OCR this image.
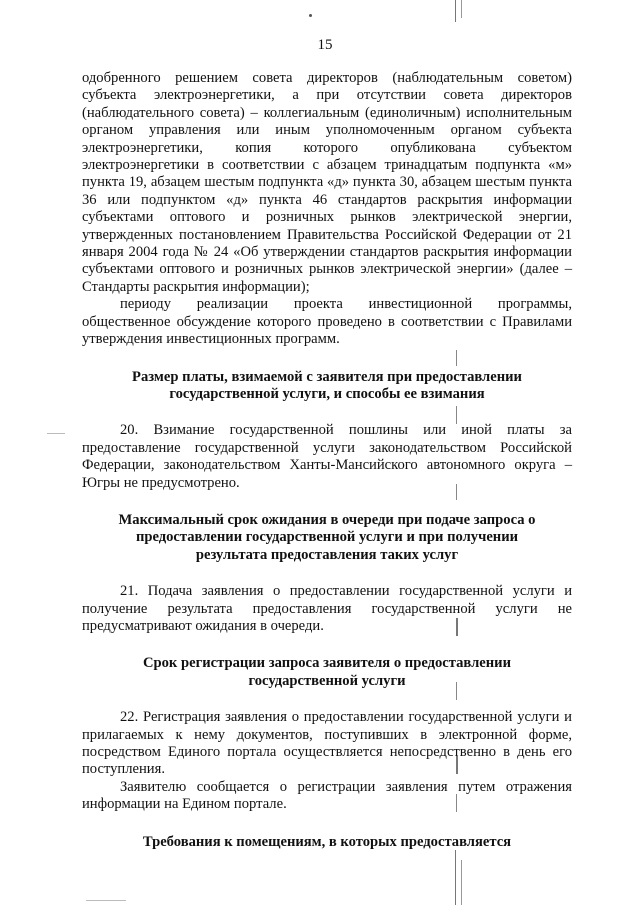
15

одобренного решением совета директоров (наблюдательным советом) субъекта электроэнергетики, а при отсутствии совета директоров (наблюдательного совета) – коллегиальным (единоличным) исполнительным органом управления или иным уполномоченным органом субъекта электроэнергетики, копия которого опубликована субъектом электроэнергетики в соответствии с абзацем тринадцатым подпункта «м» пункта 19, абзацем шестым подпункта «д» пункта 30, абзацем шестым пункта 36 или подпунктом «д» пункта 46 стандартов раскрытия информации субъектами оптового и розничных рынков электрической энергии, утвержденных постановлением Правительства Российской Федерации от 21 января 2004 года № 24 «Об утверждении стандартов раскрытия информации субъектами оптового и розничных рынков электрической энергии» (далее – Стандарты раскрытия информации);

периоду реализации проекта инвестиционной программы, общественное обсуждение которого проведено в соответствии с Правилами утверждения инвестиционных программ.

Размер платы, взимаемой с заявителя при предоставлении
государственной услуги, и способы ее взимания

20. Взимание государственной пошлины или иной платы за предоставление государственной услуги законодательством Российской Федерации, законодательством Ханты-Мансийского автономного округа – Югры не предусмотрено.

Максимальный срок ожидания в очереди при подаче запроса о
предоставлении государственной услуги и при получении
результата предоставления таких услуг

21. Подача заявления о предоставлении государственной услуги и получение результата предоставления государственной услуги не предусматривают ожидания в очереди.

Срок регистрации запроса заявителя о предоставлении
государственной услуги

22. Регистрация заявления о предоставлении государственной услуги и прилагаемых к нему документов, поступивших в электронной форме, посредством Единого портала осуществляется непосредственно в день его поступления.

Заявителю сообщается о регистрации заявления путем отражения информации на Едином портале.

Требования к помещениям, в которых предоставляется
